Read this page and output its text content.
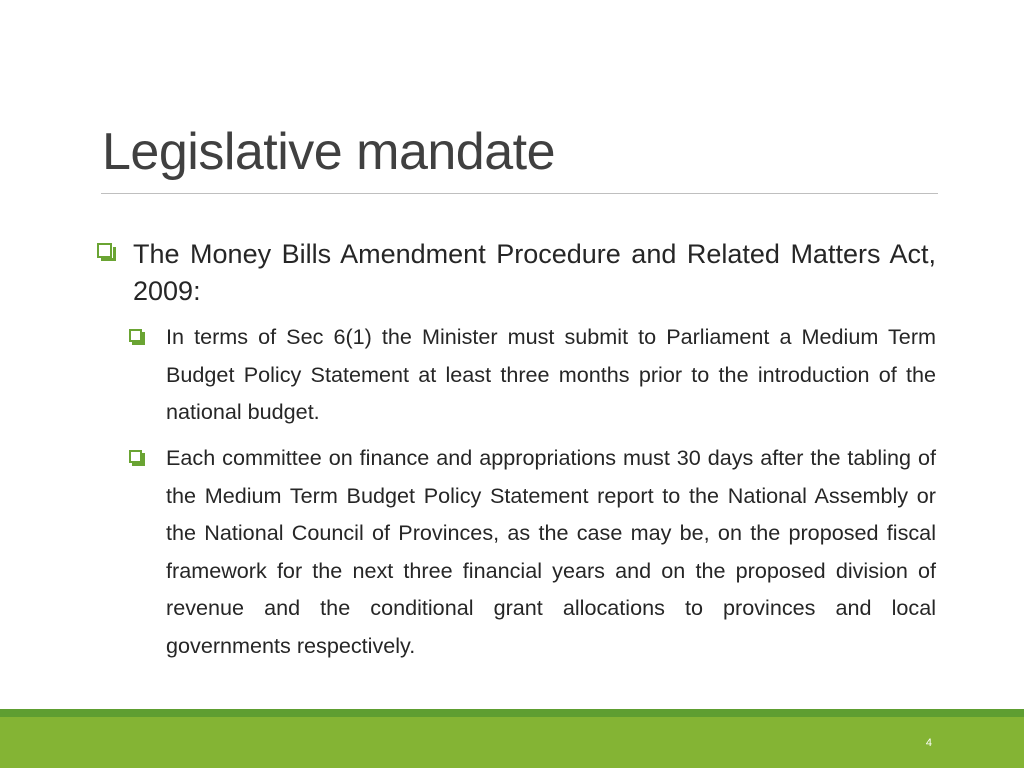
Legislative mandate
The Money Bills Amendment Procedure and Related Matters Act, 2009:
In terms of Sec 6(1) the Minister must submit to Parliament a Medium Term Budget Policy Statement at least three months prior to the introduction of the national budget.
Each committee on finance and appropriations must 30 days after the tabling of the Medium Term Budget Policy Statement report to the National Assembly or the National Council of Provinces, as the case may be, on the proposed fiscal framework for the next three financial years and on the proposed division of revenue and the conditional grant allocations to provinces and local governments respectively.
4
